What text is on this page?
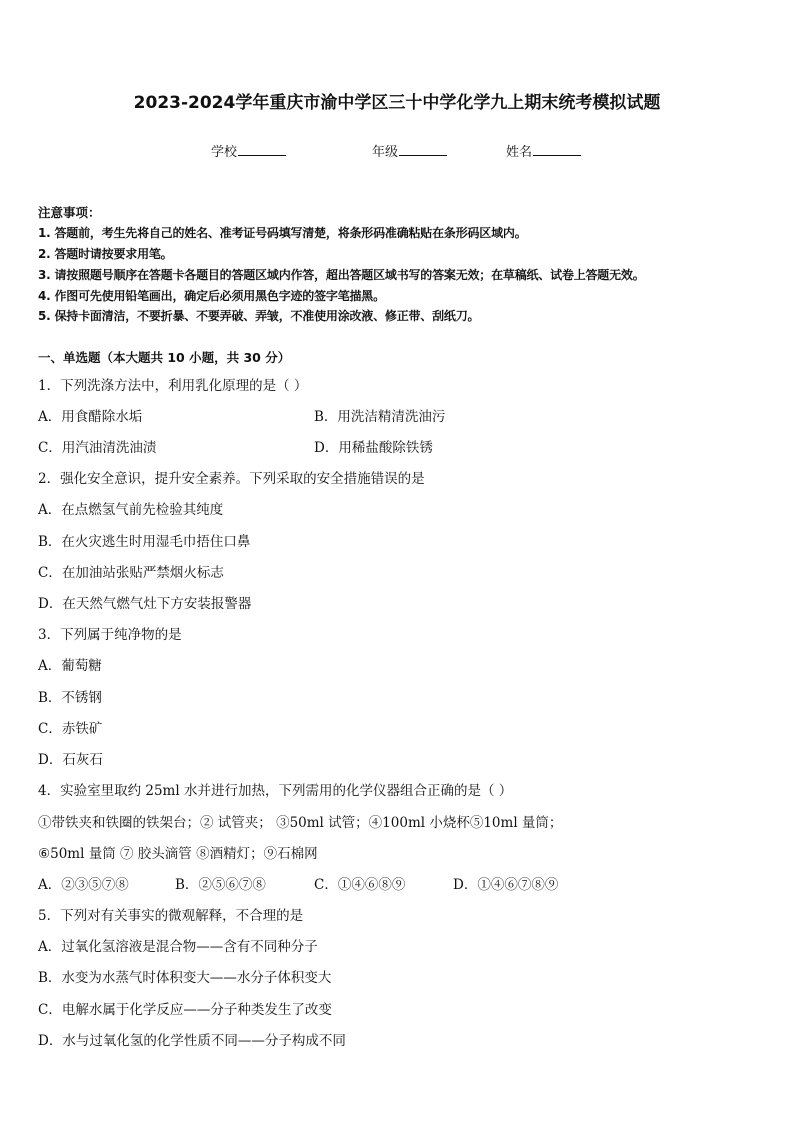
2023-2024学年重庆市渝中学区三十中学化学九上期末统考模拟试题
学校	年级	姓名
注意事项：
1. 答题前，考生先将自己的姓名、准考证号码填写清楚，将条形码准确粘贴在条形码区域内。
2. 答题时请按要求用笔。
3. 请按照题号顺序在答题卡各题目的答题区域内作答，超出答题区域书写的答案无效；在草稿纸、试卷上答题无效。
4. 作图可先使用铅笔画出，确定后必须用黑色字迹的签字笔描黑。
5. 保持卡面清洁，不要折暴、不要弄破、弄皱，不准使用涂改液、修正带、刮纸刀。
一、单选题（本大题共 10 小题，共 30 分）
1．下列洗涤方法中，利用乳化原理的是（ ）
A．用食醋除水垢	B．用洗洁精清洗油污
C．用汽油清洗油渍	D．用稀盐酸除铁锈
2．强化安全意识，提升安全素养。下列采取的安全措施错误的是
A．在点燃氢气前先检验其纯度
B．在火灾逃生时用湿毛巾捂住口鼻
C．在加油站张贴严禁烟火标志
D．在天然气燃气灶下方安装报警器
3．下列属于纯净物的是
A．葡萄糖
B．不锈钢
C．赤铁矿
D．石灰石
4．实验室里取约 25ml 水并进行加热，下列需用的化学仪器组合正确的是（ ）
①带铁夹和铁圈的铁架台；② 试管夹； ③50ml 试管；④100ml 小烧杯⑤10ml 量筒；
⑥50ml 量筒 ⑦ 胶头滴管 ⑧酒精灯；⑨石棉网
A．②③⑤⑦⑧	B．②⑤⑥⑦⑧	C．①④⑥⑧⑨	D．①④⑥⑦⑧⑨
5．下列对有关事实的微观解释，不合理的是
A．过氧化氢溶液是混合物——含有不同种分子
B．水变为水蒸气时体积变大——水分子体积变大
C．电解水属于化学反应——分子种类发生了改变
D．水与过氧化氢的化学性质不同——分子构成不同
